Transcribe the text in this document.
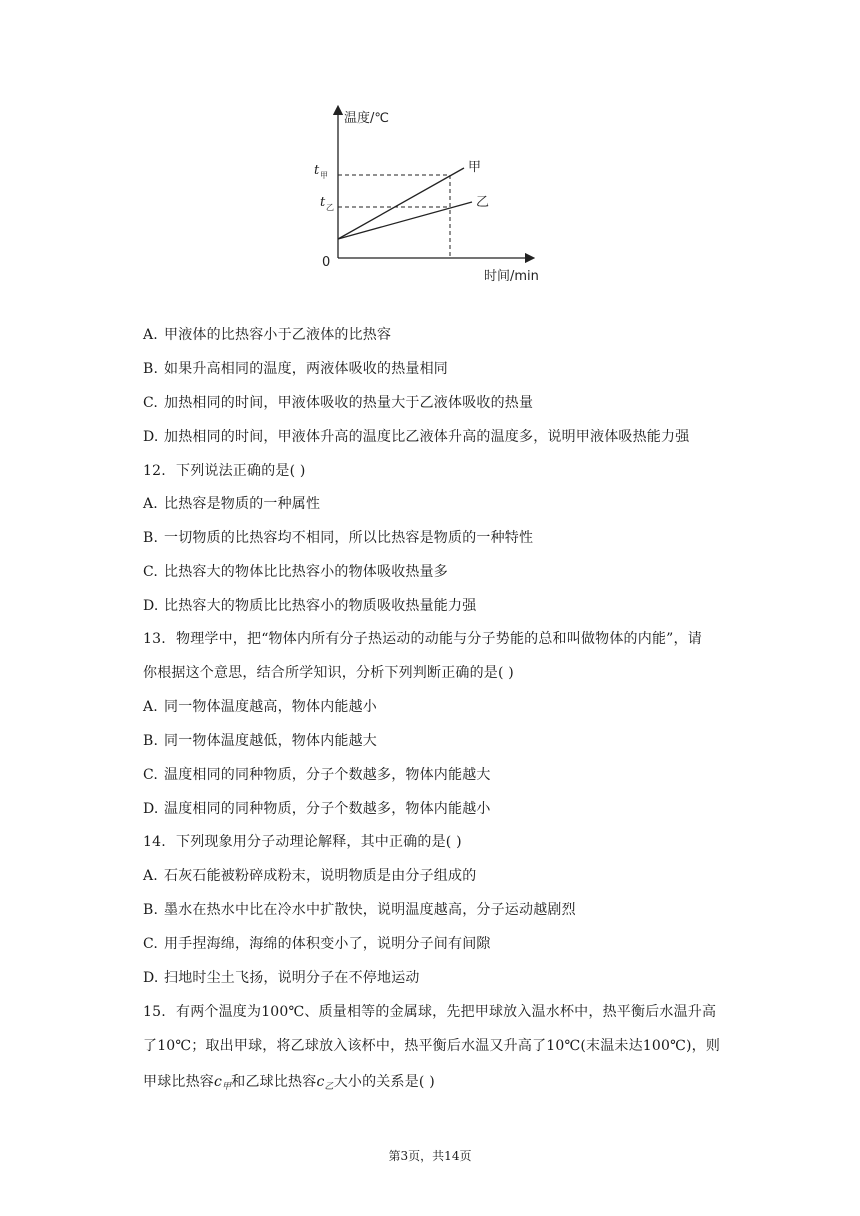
温度/℃
时间/min
0
t 甲
t 乙
甲
乙
A. 甲液体的比热容小于乙液体的比热容
B. 如果升高相同的温度，两液体吸收的热量相同
C. 加热相同的时间，甲液体吸收的热量大于乙液体吸收的热量
D. 加热相同的时间，甲液体升高的温度比乙液体升高的温度多，说明甲液体吸热能力强
12. 下列说法正确的是( )
A. 比热容是物质的一种属性
B. 一切物质的比热容均不相同，所以比热容是物质的一种特性
C. 比热容大的物体比比热容小的物体吸收热量多
D. 比热容大的物质比比热容小的物质吸收热量能力强
13. 物理学中，把“物体内所有分子热运动的动能与分子势能的总和叫做物体的内能”，请
你根据这个意思，结合所学知识，分析下列判断正确的是( )
A. 同一物体温度越高，物体内能越小
B. 同一物体温度越低，物体内能越大
C. 温度相同的同种物质，分子个数越多，物体内能越大
D. 温度相同的同种物质，分子个数越多，物体内能越小
14. 下列现象用分子动理论解释，其中正确的是( )
A. 石灰石能被粉碎成粉末，说明物质是由分子组成的
B. 墨水在热水中比在冷水中扩散快，说明温度越高，分子运动越剧烈
C. 用手捏海绵，海绵的体积变小了，说明分子间有间隙
D. 扫地时尘土飞扬，说明分子在不停地运动
15. 有两个温度为100℃、质量相等的金属球，先把甲球放入温水杯中，热平衡后水温升高
了10℃；取出甲球，将乙球放入该杯中，热平衡后水温又升高了10℃(末温未达100℃)，则
甲球比热容$c_甲$和乙球比热容$c_乙$大小的关系是( )
第3页，共14页
